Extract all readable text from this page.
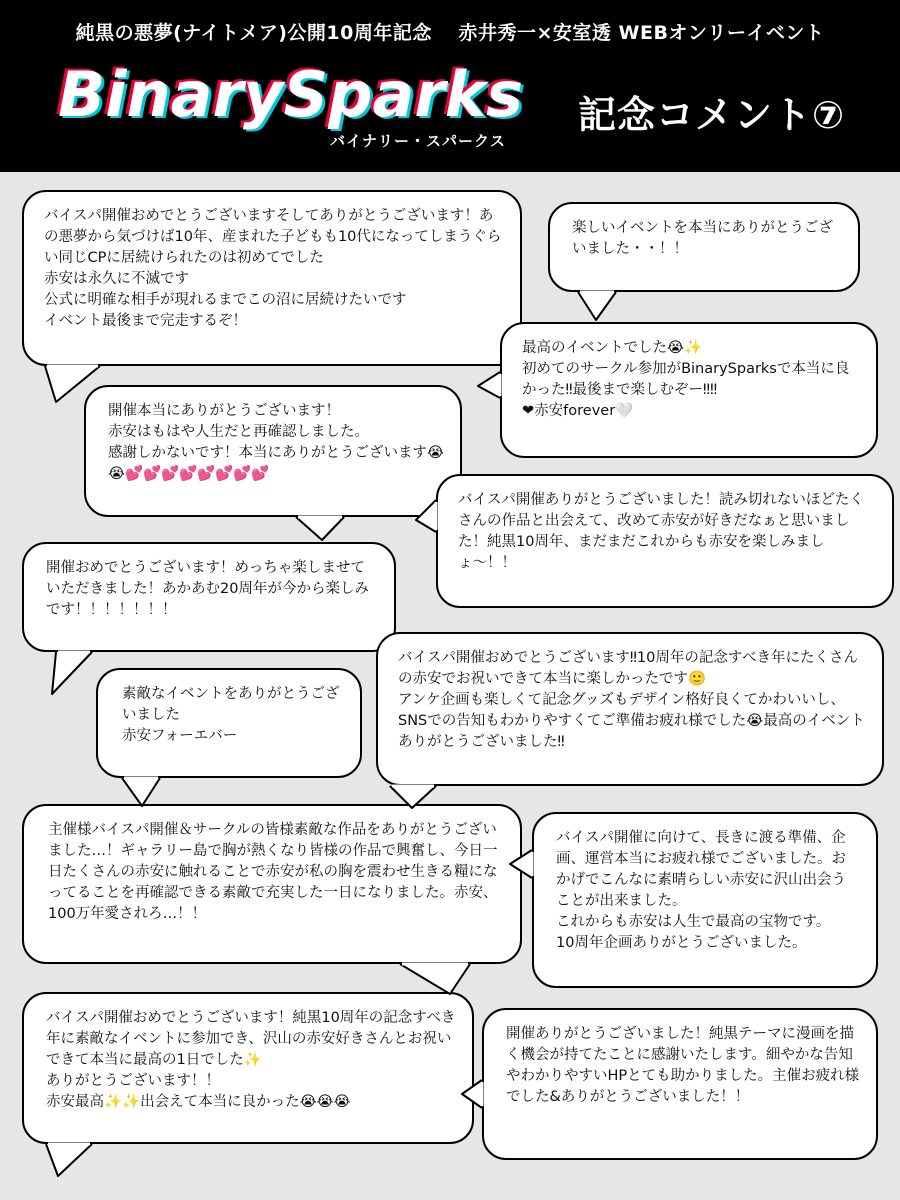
純黒の悪夢(ナイトメア)公開10周年記念　 赤井秀一×安室透 WEBオンリーイベント
BinarySparks
バイナリー・スパークス
記念コメント⑦

バイスパ開催おめでとうございますそしてありがとうございます！あの悪夢から気づけば10年、産まれた子どもも10代になってしまうぐらい同じCPに居続けられたのは初めてでした
赤安は永久に不滅です
公式に明確な相手が現れるまでこの沼に居続けたいです
イベント最後まで完走するぞ！

楽しいイベントを本当にありがとうございました・・！！

最高のイベントでした😭✨
初めてのサークル参加がBinarySparksで本当に良かった‼最後まで楽しむぞー‼‼
❤赤安forever🤍

開催本当にありがとうございます！
赤安はもはや人生だと再確認しました。
感謝しかないです！本当にありがとうございます😭😭💕💕💕💕💕💕💕💕

バイスパ開催ありがとうございました！読み切れないほどたくさんの作品と出会えて、改めて赤安が好きだなぁと思いました！純黒10周年、まだまだこれからも赤安を楽しみましょ〜！！

開催おめでとうございます！めっちゃ楽しませていただきました！あかあむ20周年が今から楽しみです！！！！！！！

バイスパ開催おめでとうございます‼10周年の記念すべき年にたくさんの赤安でお祝いできて本当に楽しかったです🙂
アンケ企画も楽しくて記念グッズもデザイン格好良くてかわいいし、SNSでの告知もわかりやすくてご準備お疲れ様でした😭最高のイベントありがとうございました‼

素敵なイベントをありがとうございました
赤安フォーエバー

主催様バイスパ開催＆サークルの皆様素敵な作品をありがとうございました…！ギャラリー島で胸が熱くなり皆様の作品で興奮し、今日一日たくさんの赤安に触れることで赤安が私の胸を震わせ生きる糧になってることを再確認できる素敵で充実した一日になりました。赤安、100万年愛されろ…！！

バイスパ開催に向けて、長きに渡る準備、企画、運営本当にお疲れ様でございました。おかげでこんなに素晴らしい赤安に沢山出会うことが出来ました。
これからも赤安は人生で最高の宝物です。
10周年企画ありがとうございました。

バイスパ開催おめでとうございます！純黒10周年の記念すべき年に素敵なイベントに参加でき、沢山の赤安好きさんとお祝いできて本当に最高の1日でした✨
ありがとうございます！！
赤安最高✨✨出会えて本当に良かった😭😭😭

開催ありがとうございました！純黒テーマに漫画を描く機会が持てたことに感謝いたします。細やかな告知やわかりやすいHPとても助かりました。主催お疲れ様でした&ありがとうございました！！
